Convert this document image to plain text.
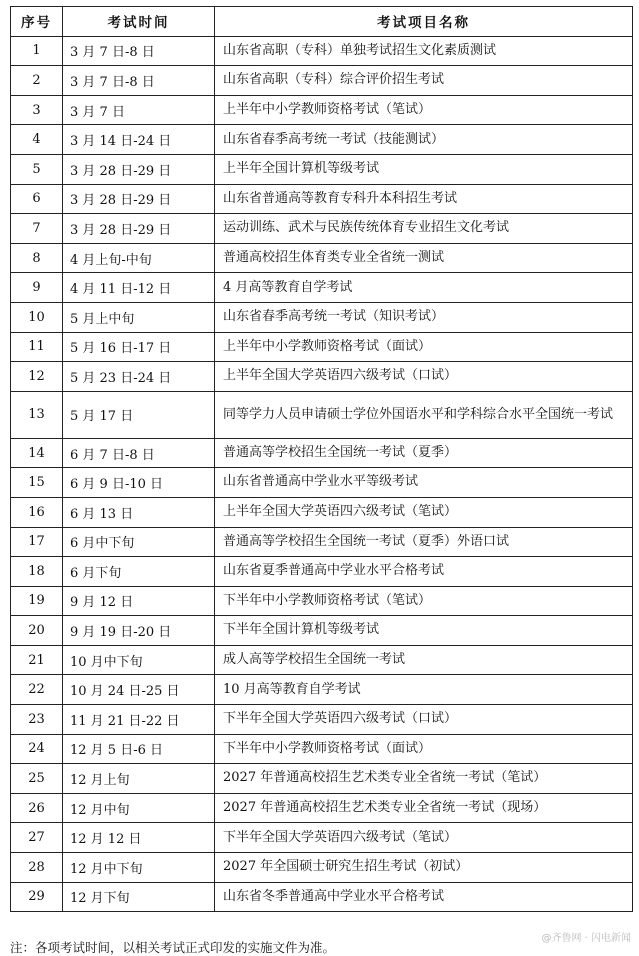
序号	考试时间	考试项目名称
1	3 月 7 日-8 日	山东省高职（专科）单独考试招生文化素质测试
2	3 月 7 日-8 日	山东省高职（专科）综合评价招生考试
3	3 月 7 日	上半年中小学教师资格考试（笔试）
4	3 月 14 日-24 日	山东省春季高考统一考试（技能测试）
5	3 月 28 日-29 日	上半年全国计算机等级考试
6	3 月 28 日-29 日	山东省普通高等教育专科升本科招生考试
7	3 月 28 日-29 日	运动训练、武术与民族传统体育专业招生文化考试
8	4 月上旬-中旬	普通高校招生体育类专业全省统一测试
9	4 月 11 日-12 日	4 月高等教育自学考试
10	5 月上中旬	山东省春季高考统一考试（知识考试）
11	5 月 16 日-17 日	上半年中小学教师资格考试（面试）
12	5 月 23 日-24 日	上半年全国大学英语四六级考试（口试）
13	5 月 17 日	同等学力人员申请硕士学位外国语水平和学科综合水平全国统一考试
14	6 月 7 日-8 日	普通高等学校招生全国统一考试（夏季）
15	6 月 9 日-10 日	山东省普通高中学业水平等级考试
16	6 月 13 日	上半年全国大学英语四六级考试（笔试）
17	6 月中下旬	普通高等学校招生全国统一考试（夏季）外语口试
18	6 月下旬	山东省夏季普通高中学业水平合格考试
19	9 月 12 日	下半年中小学教师资格考试（笔试）
20	9 月 19 日-20 日	下半年全国计算机等级考试
21	10 月中下旬	成人高等学校招生全国统一考试
22	10 月 24 日-25 日	10 月高等教育自学考试
23	11 月 21 日-22 日	下半年全国大学英语四六级考试（口试）
24	12 月 5 日-6 日	下半年中小学教师资格考试（面试）
25	12 月上旬	2027 年普通高校招生艺术类专业全省统一考试（笔试）
26	12 月中旬	2027 年普通高校招生艺术类专业全省统一考试（现场）
27	12 月 12 日	下半年全国大学英语四六级考试（笔试）
28	12 月中下旬	2027 年全国硕士研究生招生考试（初试）
29	12 月下旬	山东省冬季普通高中学业水平合格考试
注：各项考试时间，以相关考试正式印发的实施文件为准。
@齐鲁网 · 闪电新闻
